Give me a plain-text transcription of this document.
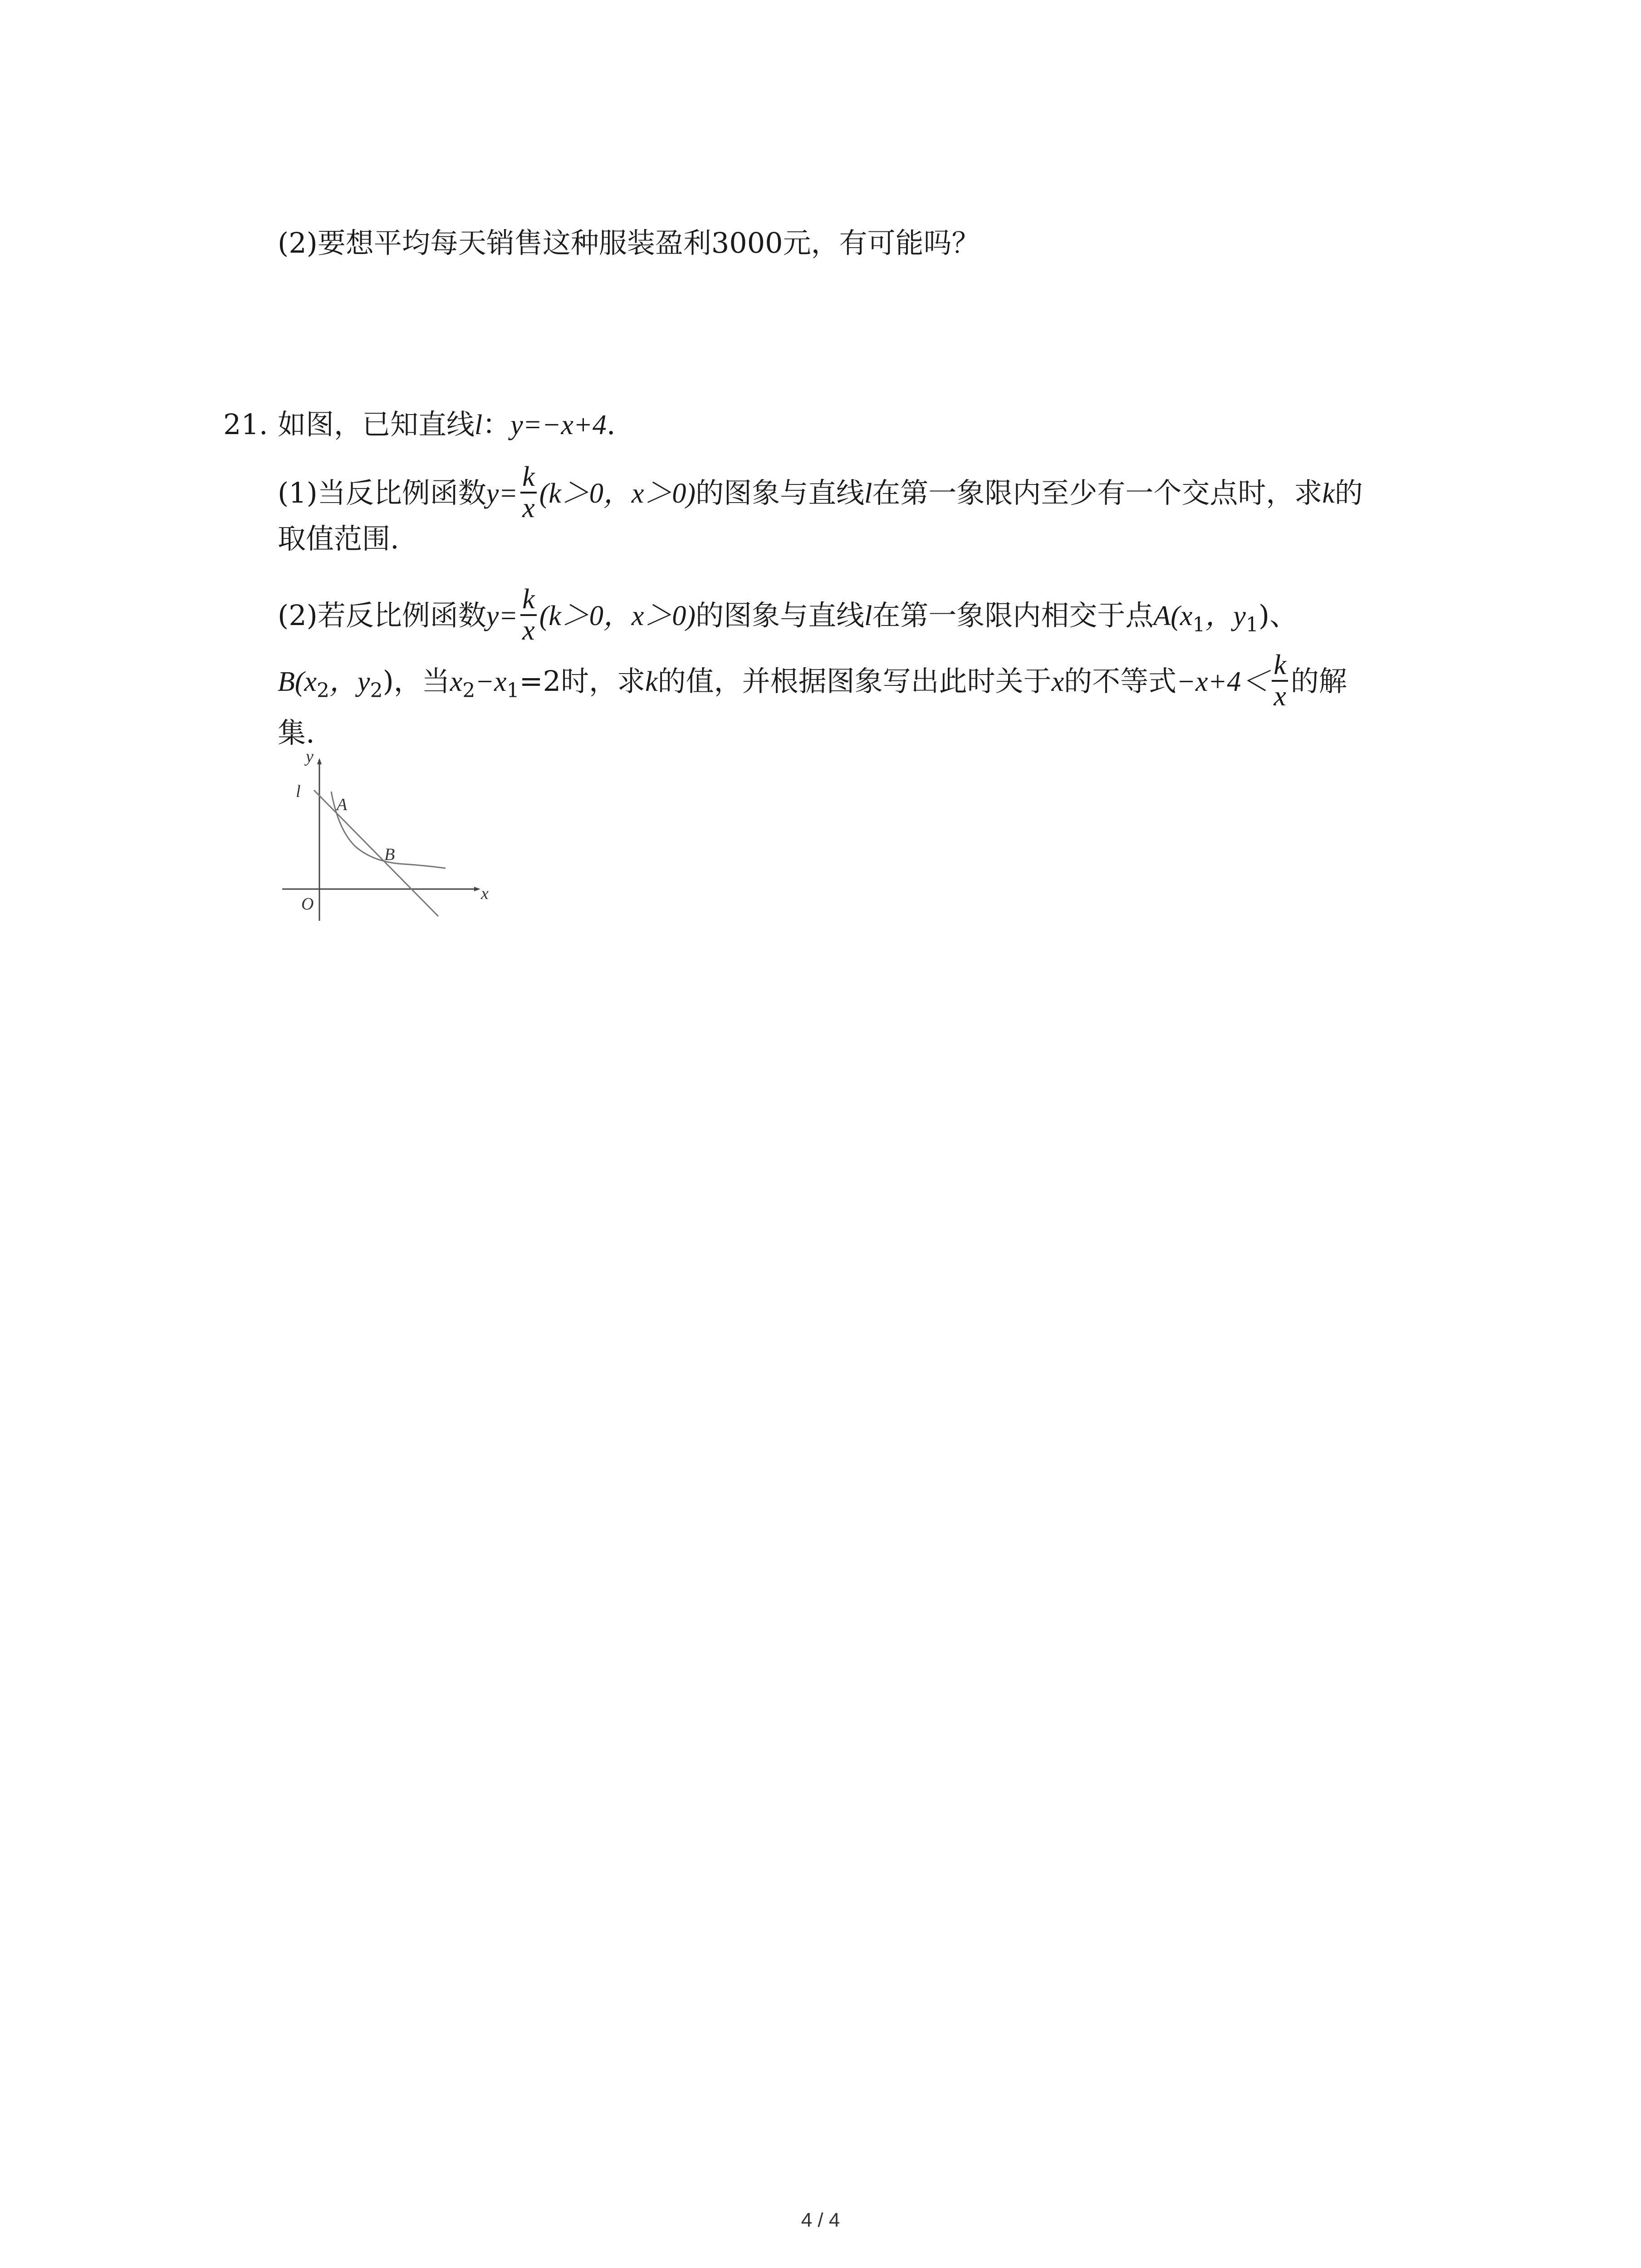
(2)要想平均每天销售这种服装盈利3000元，有可能吗？
21. 如图，已知直线l：y=−x+4.
(1)当反比例函数$y= \frac{k}{x} (k>0$，x＞0)的图象与直线l在第一象限内至少有一个交点时，求k的
取值范围.
(2)若反比例函数$y= \frac{k}{x} (k>0$，x＞0)的图象与直线l在第一象限内相交于点$A(x_1$，$y_1$)、
$B(x_2$，$y_2$)，当$x_2-x_1=2$时，求k的值，并根据图象写出此时关于x的不等式$-x+4< \frac{k}{x}$ 的解
集.
y
x
O
l
A
B
4 / 4
